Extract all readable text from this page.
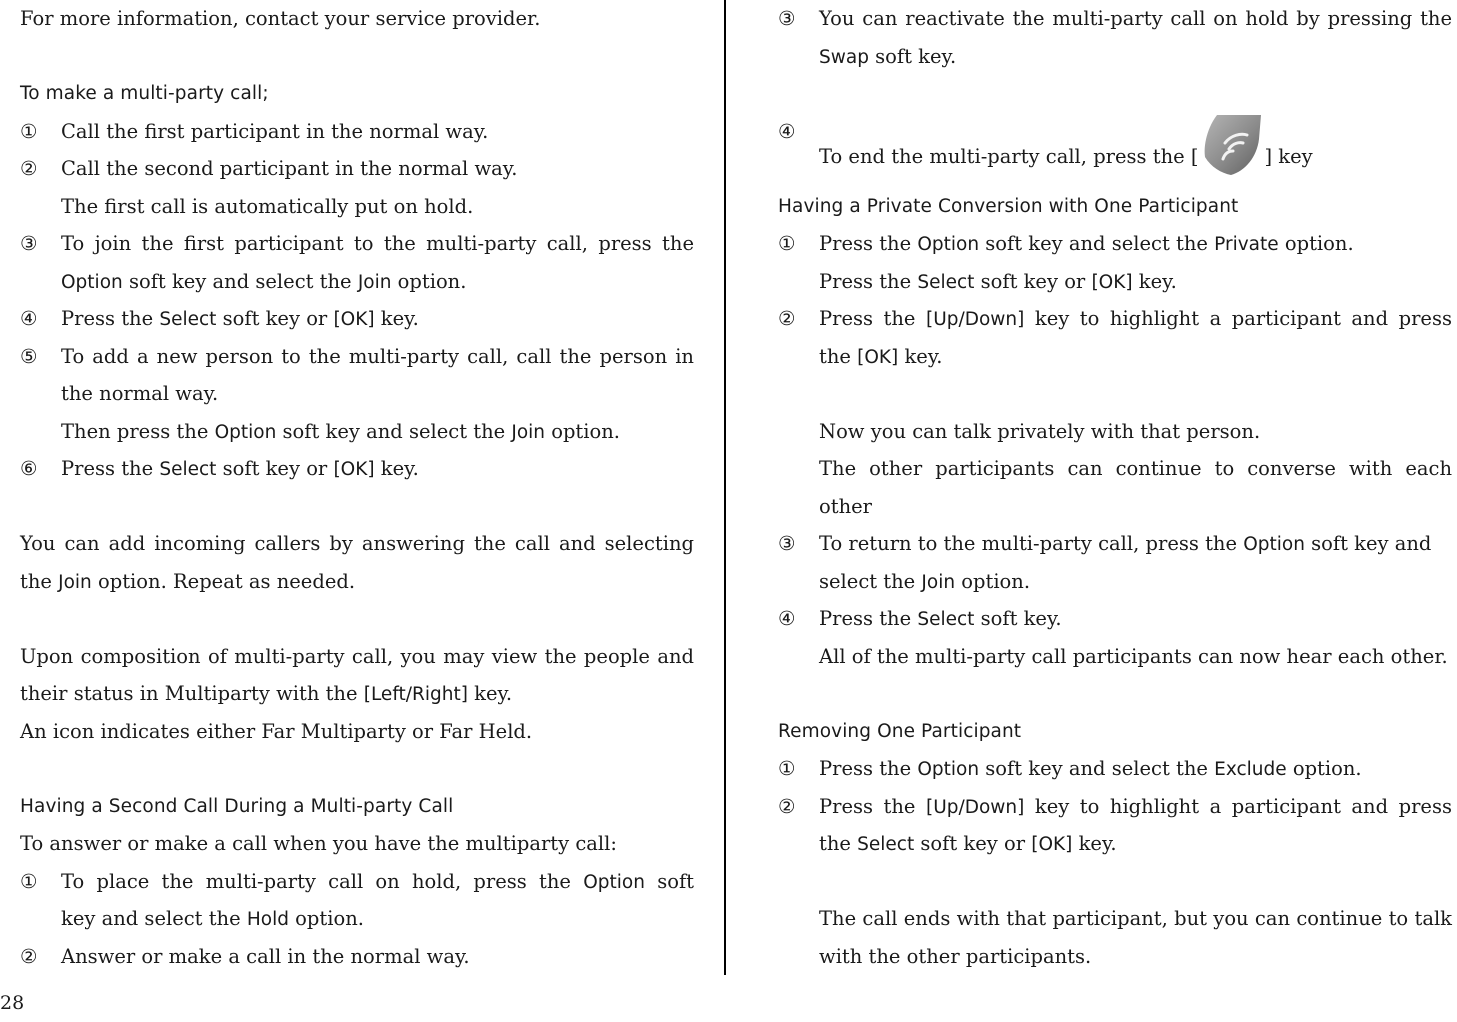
For more information, contact your service provider.
To make a multi-party call;
① Call the first participant in the normal way.
② Call the second participant in the normal way.
The first call is automatically put on hold.
③ To join the first participant to the multi-party call, press the
Option soft key and select the Join option.
④ Press the Select soft key or [OK] key.
⑤ To add a new person to the multi-party call, call the person in
the normal way.
Then press the Option soft key and select the Join option.
⑥ Press the Select soft key or [OK] key.
You can add incoming callers by answering the call and selecting
the Join option. Repeat as needed.
Upon composition of multi-party call, you may view the people and
their status in Multiparty with the [Left/Right] key.
An icon indicates either Far Multiparty or Far Held.
Having a Second Call During a Multi-party Call
To answer or make a call when you have the multiparty call:
① To place the multi-party call on hold, press the Option soft
key and select the Hold option.
② Answer or make a call in the normal way.
③ You can reactivate the multi-party call on hold by pressing the
Swap soft key.
④
To end the multi-party call, press the [	] key
Having a Private Conversion with One Participant
① Press the Option soft key and select the Private option.
Press the Select soft key or [OK] key.
② Press the [Up/Down] key to highlight a participant and press
the [OK] key.
Now you can talk privately with that person.
The other participants can continue to converse with each
other
③ To return to the multi-party call, press the Option soft key and
select the Join option.
④ Press the Select soft key.
All of the multi-party call participants can now hear each other.
Removing One Participant
① Press the Option soft key and select the Exclude option.
② Press the [Up/Down] key to highlight a participant and press
the Select soft key or [OK] key.
The call ends with that participant, but you can continue to talk
with the other participants.
28
